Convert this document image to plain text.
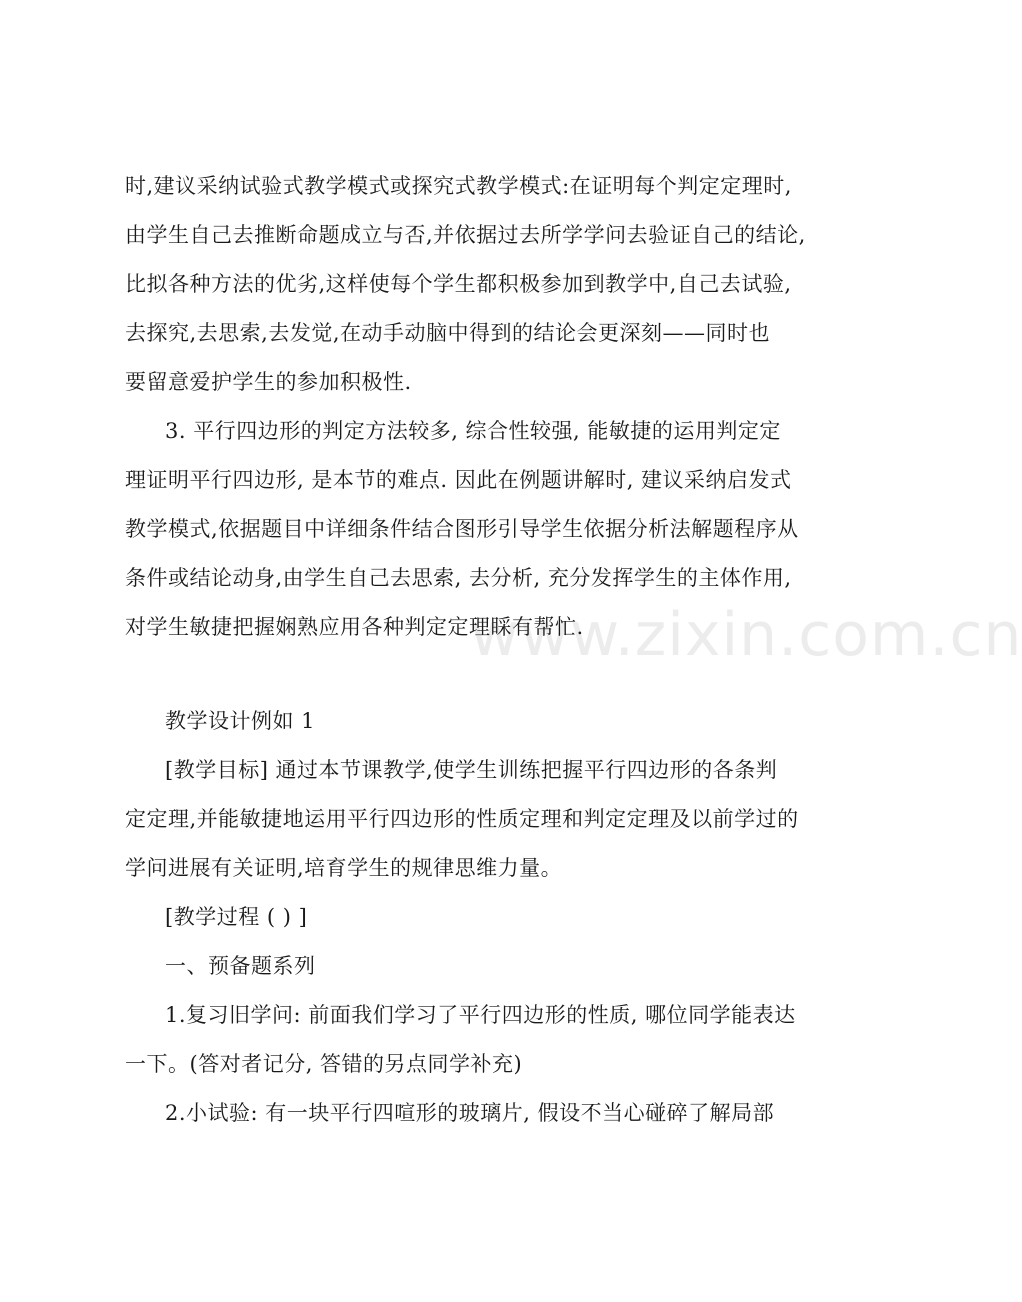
www.zixin.com.cn
时,建议采纳试验式教学模式或探究式教学模式:在证明每个判定定理时,
由学生自己去推断命题成立与否,并依据过去所学学问去验证自己的结论,
比拟各种方法的优劣,这样使每个学生都积极参加到教学中,自己去试验,
去探究,去思索,去发觉,在动手动脑中得到的结论会更深刻——同时也
要留意爱护学生的参加积极性.
3. 平行四边形的判定方法较多, 综合性较强, 能敏捷的运用判定定
理证明平行四边形, 是本节的难点. 因此在例题讲解时, 建议采纳启发式
教学模式,依据题目中详细条件结合图形引导学生依据分析法解题程序从
条件或结论动身,由学生自己去思索, 去分析, 充分发挥学生的主体作用,
对学生敏捷把握娴熟应用各种判定定理睬有帮忙.
教学设计例如 1
[教学目标] 通过本节课教学,使学生训练把握平行四边形的各条判
定定理,并能敏捷地运用平行四边形的性质定理和判定定理及以前学过的
学问进展有关证明,培育学生的规律思维力量。
[教学过程 ( ) ]
一、预备题系列
1.复习旧学问: 前面我们学习了平行四边形的性质, 哪位同学能表达
一下。(答对者记分, 答错的另点同学补充)
2.小试验: 有一块平行四喧形的玻璃片, 假设不当心碰碎了解局部
